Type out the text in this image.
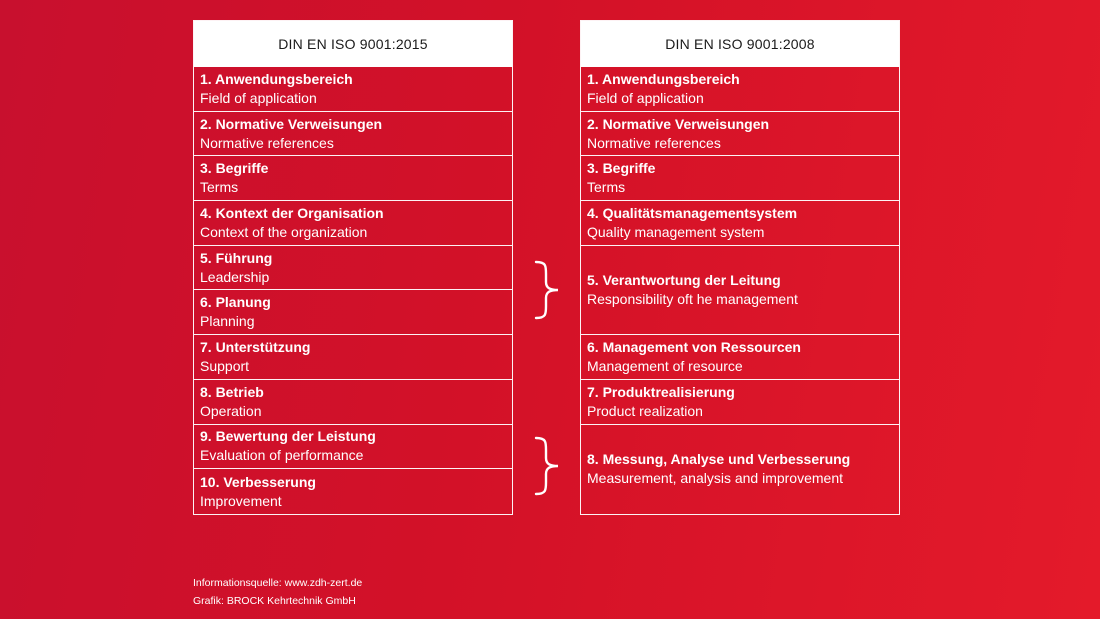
DIN EN ISO 9001:2015
1. Anwendungsbereich
Field of application
2. Normative Verweisungen
Normative references
3. Begriffe
Terms
4. Kontext der Organisation
Context of the organization
5. Führung
Leadership
6. Planung
Planning
7. Unterstützung
Support
8. Betrieb
Operation
9. Bewertung der Leistung
Evaluation of performance
10. Verbesserung
Improvement
DIN EN ISO 9001:2008
1. Anwendungsbereich
Field of application
2. Normative Verweisungen
Normative references
3. Begriffe
Terms
4. Qualitätsmanagementsystem
Quality management system
5. Verantwortung der Leitung
Responsibility oft he management
6. Management von Ressourcen
Management of resource
7. Produktrealisierung
Product realization
8. Messung, Analyse und Verbesserung
Measurement, analysis and improvement
Informationsquelle: www.zdh-zert.de
Grafik: BROCK Kehrtechnik GmbH
